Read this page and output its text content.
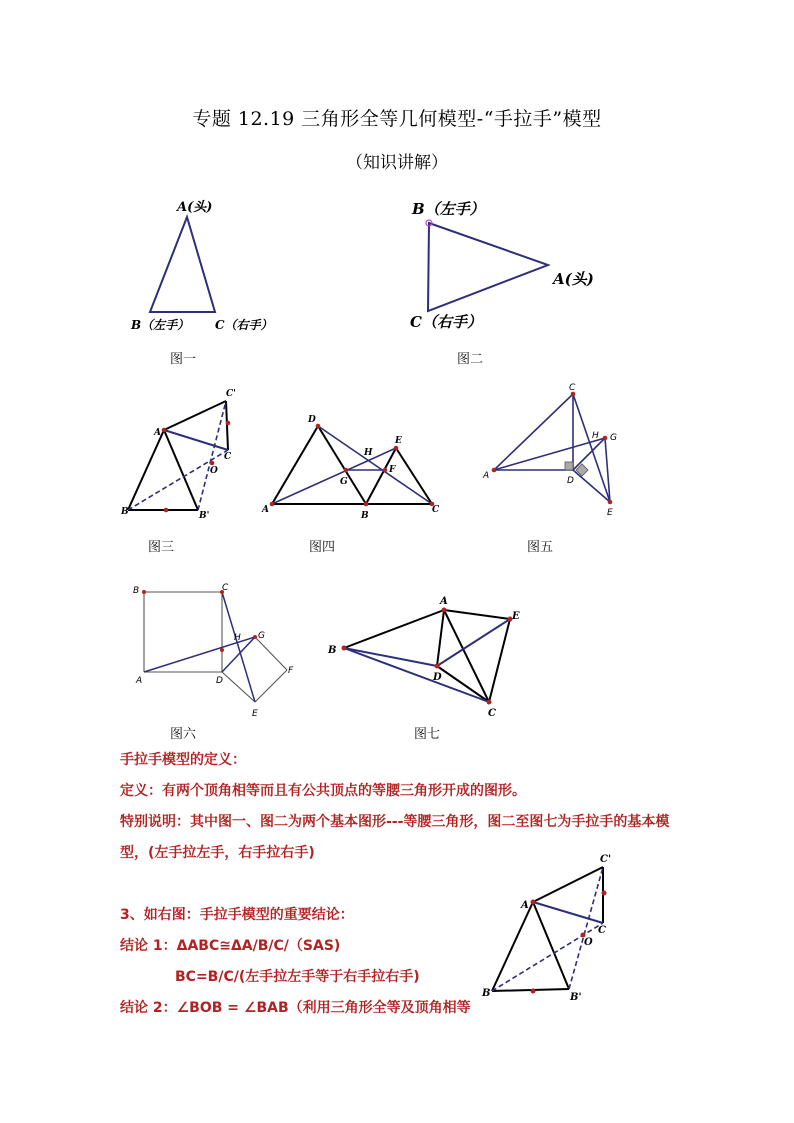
专题 12.19 三角形全等几何模型-“手拉手”模型
（知识讲解）
A(头)
B（左手） C（右手）
图一
B（左手）
A(头)
C（右手）
图二
A
C'
C
O
B	B'
图三
D
E
H
F
G
A
B
C
图四
C
H G
A	D
E
图五
B	C
H G
F
A	D
E
图六
A
E
B
D
C
图七
手拉手模型的定义：
定义：有两个顶角相等而且有公共顶点的等腰三角形开成的图形。
特别说明：其中图一、图二为两个基本图形---等腰三角形，图二至图七为手拉手的基本模
型，(左手拉左手，右手拉右手)
3、如右图：手拉手模型的重要结论：
结论 1：ΔABC≅ΔA/B/C/（SAS)
BC=B/C/(左手拉左手等于右手拉右手)
结论 2：∠BOB = ∠BAB（利用三角形全等及顶角相等
A
C'
C
O
B	B'
